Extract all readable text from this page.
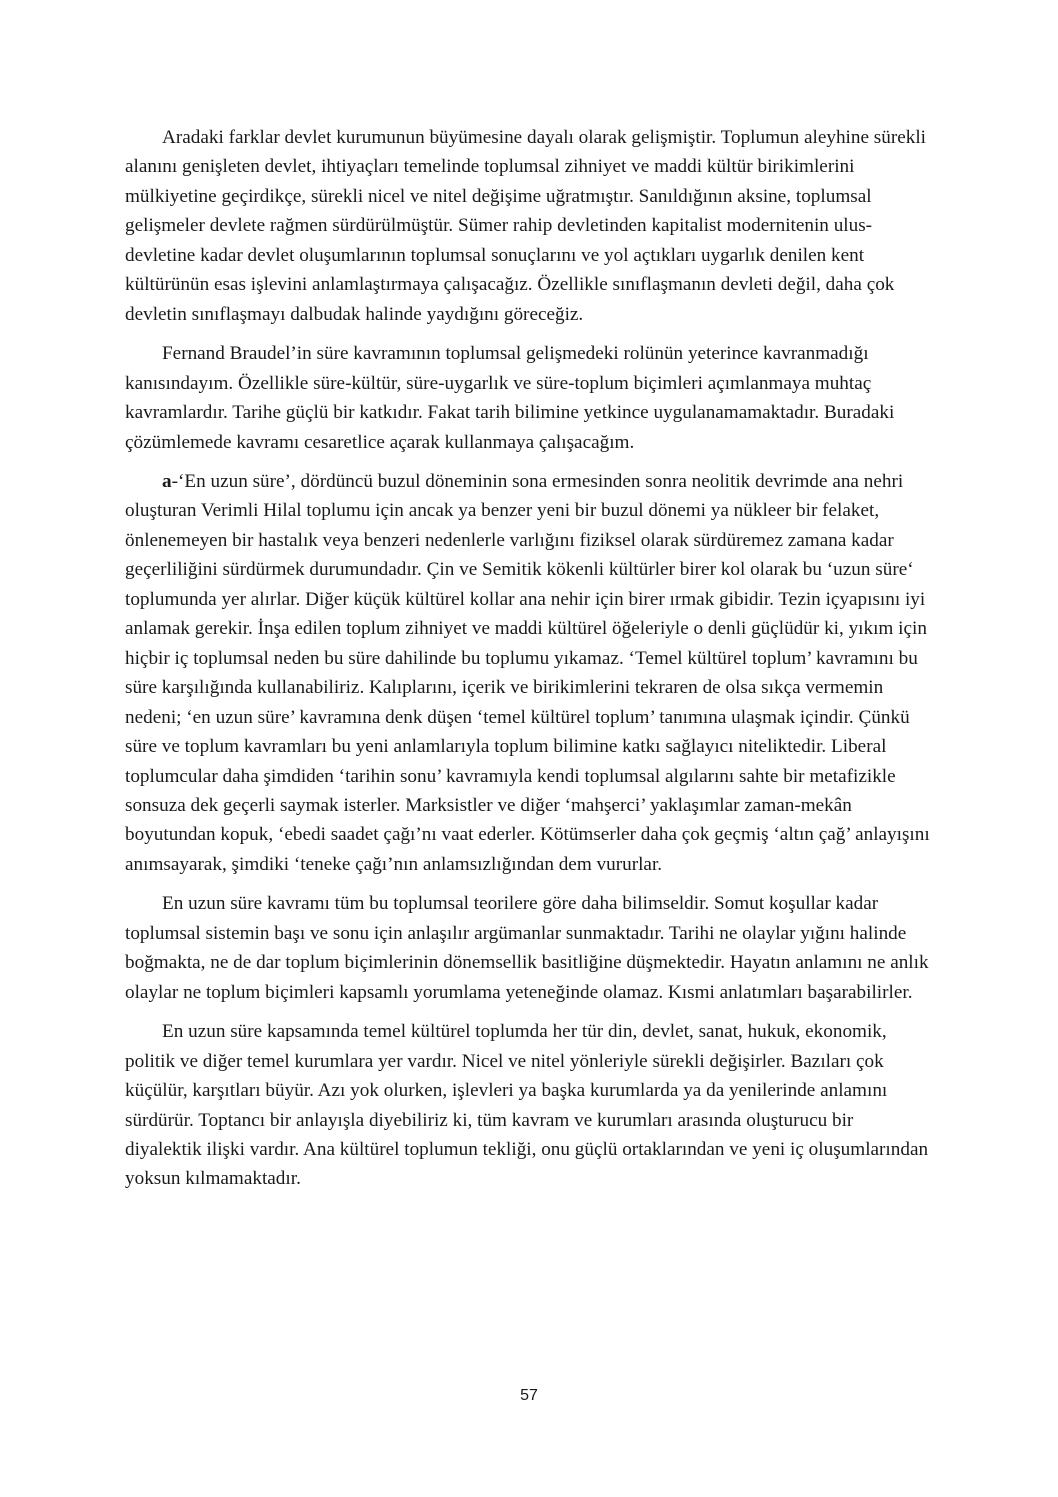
Aradaki farklar devlet kurumunun büyümesine dayalı olarak gelişmiştir. Toplumun aleyhine sürekli alanını genişleten devlet, ihtiyaçları temelinde toplumsal zihniyet ve maddi kültür birikimlerini mülkiyetine geçirdikçe, sürekli nicel ve nitel değişime uğratmıştır. Sanıldığının aksine, toplumsal gelişmeler devlete rağmen sürdürülmüştür. Sümer rahip devletinden kapitalist modernitenin ulus-devletine kadar devlet oluşumlarının toplumsal sonuçlarını ve yol açtıkları uygarlık denilen kent kültürünün esas işlevini anlamlaştırmaya çalışacağız. Özellikle sınıflaşmanın devleti değil, daha çok devletin sınıflaşmayı dalbudak halinde yaydığını göreceğiz.

Fernand Braudel’in süre kavramının toplumsal gelişmedeki rolünün yeterince kavranmadığı kanısındayım. Özellikle süre-kültür, süre-uygarlık ve süre-toplum biçimleri açımlanmaya muhtaç kavramlardır. Tarihe güçlü bir katkıdır. Fakat tarih bilimine yetkince uygulanamamaktadır. Buradaki çözümlemede kavramı cesaretlice açarak kullanmaya çalışacağım.

a-‘En uzun süre’, dördüncü buzul döneminin sona ermesinden sonra neolitik devrimde ana nehri oluşturan Verimli Hilal toplumu için ancak ya benzer yeni bir buzul dönemi ya nükleer bir felaket, önlenemeyen bir hastalık veya benzeri nedenlerle varlığını fiziksel olarak sürdüremez zamana kadar geçerliliğini sürdürmek durumundadır. Çin ve Semitik kökenli kültürler birer kol olarak bu ‘uzun süre‘ toplumunda yer alırlar. Diğer küçük kültürel kollar ana nehir için birer ırmak gibidir. Tezin içyapısını iyi anlamak gerekir. İnşa edilen toplum zihniyet ve maddi kültürel öğeleriyle o denli güçlüdür ki, yıkım için hiçbir iç toplumsal neden bu süre dahilinde bu toplumu yıkamaz. ‘Temel kültürel toplum’ kavramını bu süre karşılığında kullanabiliriz. Kalıplarını, içerik ve birikimlerini tekraren de olsa sıkça vermemin nedeni; ‘en uzun süre’ kavramına denk düşen ‘temel kültürel toplum’ tanımına ulaşmak içindir. Çünkü süre ve toplum kavramları bu yeni anlamlarıyla toplum bilimine katkı sağlayıcı niteliktedir. Liberal toplumcular daha şimdiden ‘tarihin sonu’ kavramıyla kendi toplumsal algılarını sahte bir metafizikle sonsuza dek geçerli saymak isterler. Marksistler ve diğer ‘mahşerci’ yaklaşımlar zaman-mekân boyutundan kopuk, ‘ebedi saadet çağı’nı vaat ederler. Kötümserler daha çok geçmiş ‘altın çağ’ anlayışını anımsayarak, şimdiki ‘teneke çağı’nın anlamsızlığından dem vururlar.

En uzun süre kavramı tüm bu toplumsal teorilere göre daha bilimseldir. Somut koşullar kadar toplumsal sistemin başı ve sonu için anlaşılır argümanlar sunmaktadır. Tarihi ne olaylar yığını halinde boğmakta, ne de dar toplum biçimlerinin dönemsellik basitliğine düşmektedir. Hayatın anlamını ne anlık olaylar ne toplum biçimleri kapsamlı yorumlama yeteneğinde olamaz. Kısmi anlatımları başarabilirler.

En uzun süre kapsamında temel kültürel toplumda her tür din, devlet, sanat, hukuk, ekonomik, politik ve diğer temel kurumlara yer vardır. Nicel ve nitel yönleriyle sürekli değişirler. Bazıları çok küçülür, karşıtları büyür. Azı yok olurken, işlevleri ya başka kurumlarda ya da yenilerinde anlamını sürdürür. Toptancı bir anlayışla diyebiliriz ki, tüm kavram ve kurumları arasında oluşturucu bir diyalektik ilişki vardır. Ana kültürel toplumun tekliği, onu güçlü ortaklarından ve yeni iç oluşumlarından yoksun kılmamaktadır.

57
